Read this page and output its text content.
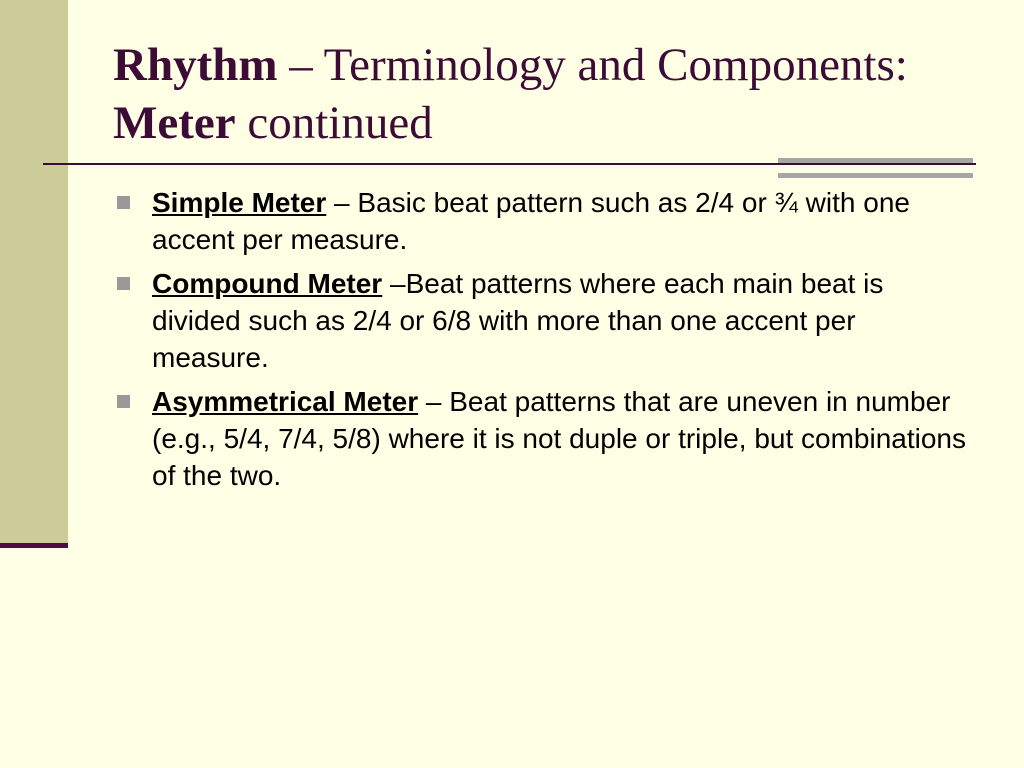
Rhythm – Terminology and Components: Meter continued
Simple Meter – Basic beat pattern such as 2/4 or ¾ with one accent per measure.
Compound Meter –Beat patterns where each main beat is divided such as 2/4 or 6/8 with more than one accent per measure.
Asymmetrical Meter – Beat patterns that are uneven in number (e.g., 5/4, 7/4, 5/8) where it is not duple or triple, but combinations of the two.
